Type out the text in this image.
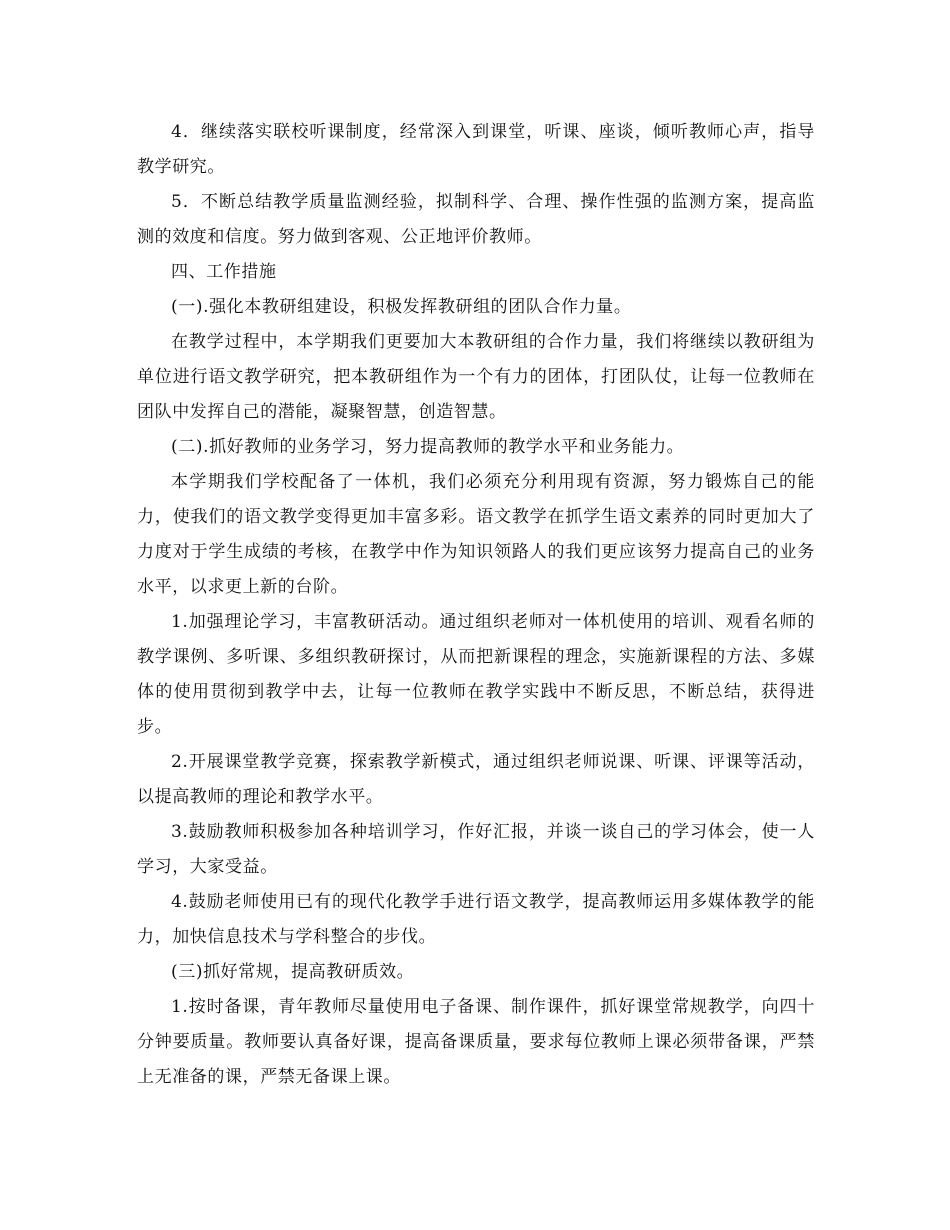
4．继续落实联校听课制度，经常深入到课堂，听课、座谈，倾听教师心声，指导教学研究。

5．不断总结教学质量监测经验，拟制科学、合理、操作性强的监测方案，提高监测的效度和信度。努力做到客观、公正地评价教师。

四、工作措施

(一).强化本教研组建设，积极发挥教研组的团队合作力量。

在教学过程中，本学期我们更要加大本教研组的合作力量，我们将继续以教研组为单位进行语文教学研究，把本教研组作为一个有力的团体，打团队仗，让每一位教师在团队中发挥自己的潜能，凝聚智慧，创造智慧。

(二).抓好教师的业务学习，努力提高教师的教学水平和业务能力。

本学期我们学校配备了一体机，我们必须充分利用现有资源，努力锻炼自己的能力，使我们的语文教学变得更加丰富多彩。语文教学在抓学生语文素养的同时更加大了力度对于学生成绩的考核，在教学中作为知识领路人的我们更应该努力提高自己的业务水平，以求更上新的台阶。

1.加强理论学习，丰富教研活动。通过组织老师对一体机使用的培训、观看名师的教学课例、多听课、多组织教研探讨，从而把新课程的理念，实施新课程的方法、多媒体的使用贯彻到教学中去，让每一位教师在教学实践中不断反思，不断总结，获得进步。

2.开展课堂教学竞赛，探索教学新模式，通过组织老师说课、听课、评课等活动，以提高教师的理论和教学水平。

3.鼓励教师积极参加各种培训学习，作好汇报，并谈一谈自己的学习体会，使一人学习，大家受益。

4.鼓励老师使用已有的现代化教学手进行语文教学，提高教师运用多媒体教学的能力，加快信息技术与学科整合的步伐。

(三)抓好常规，提高教研质效。

1.按时备课，青年教师尽量使用电子备课、制作课件，抓好课堂常规教学，向四十分钟要质量。教师要认真备好课，提高备课质量，要求每位教师上课必须带备课，严禁上无准备的课，严禁无备课上课。
